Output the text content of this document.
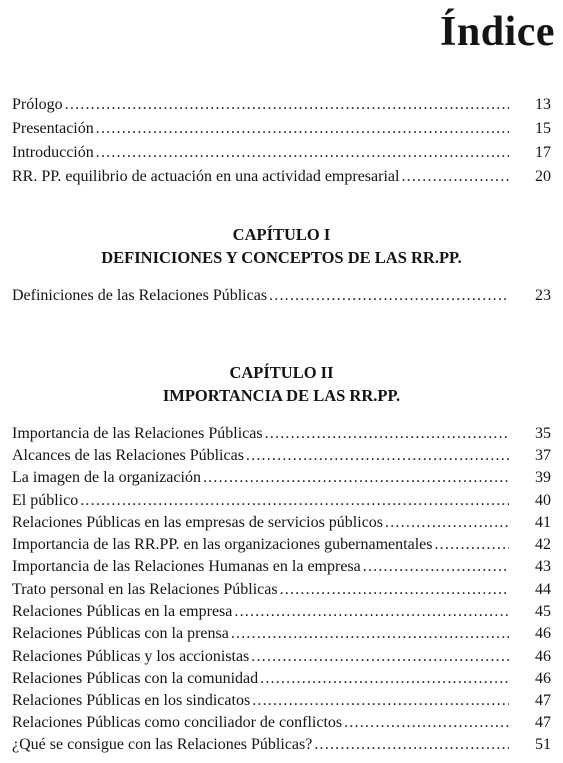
Índice
Prólogo .....	13
Presentación .....	15
Introducción .....	17
RR. PP. equilibrio de actuación en una actividad empresarial .....	20
CAPÍTULO I
DEFINICIONES Y CONCEPTOS DE LAS RR.PP.
Definiciones de las Relaciones Públicas .....	23
CAPÍTULO II
IMPORTANCIA DE LAS RR.PP.
Importancia de las Relaciones Públicas .....	35
Alcances de las Relaciones Públicas .....	37
La imagen de la organización .....	39
El público .....	40
Relaciones Públicas en las empresas de servicios públicos .....	41
Importancia de las RR.PP. en las organizaciones gubernamentales .....	42
Importancia de las Relaciones Humanas en la empresa .....	43
Trato personal en las Relaciones Públicas .....	44
Relaciones Públicas en la empresa .....	45
Relaciones Públicas con la prensa .....	46
Relaciones Públicas y los accionistas .....	46
Relaciones Públicas con la comunidad .....	46
Relaciones Públicas en los sindicatos .....	47
Relaciones Públicas como conciliador de conflictos .....	47
¿Qué se consigue con las Relaciones Públicas? .....	51
